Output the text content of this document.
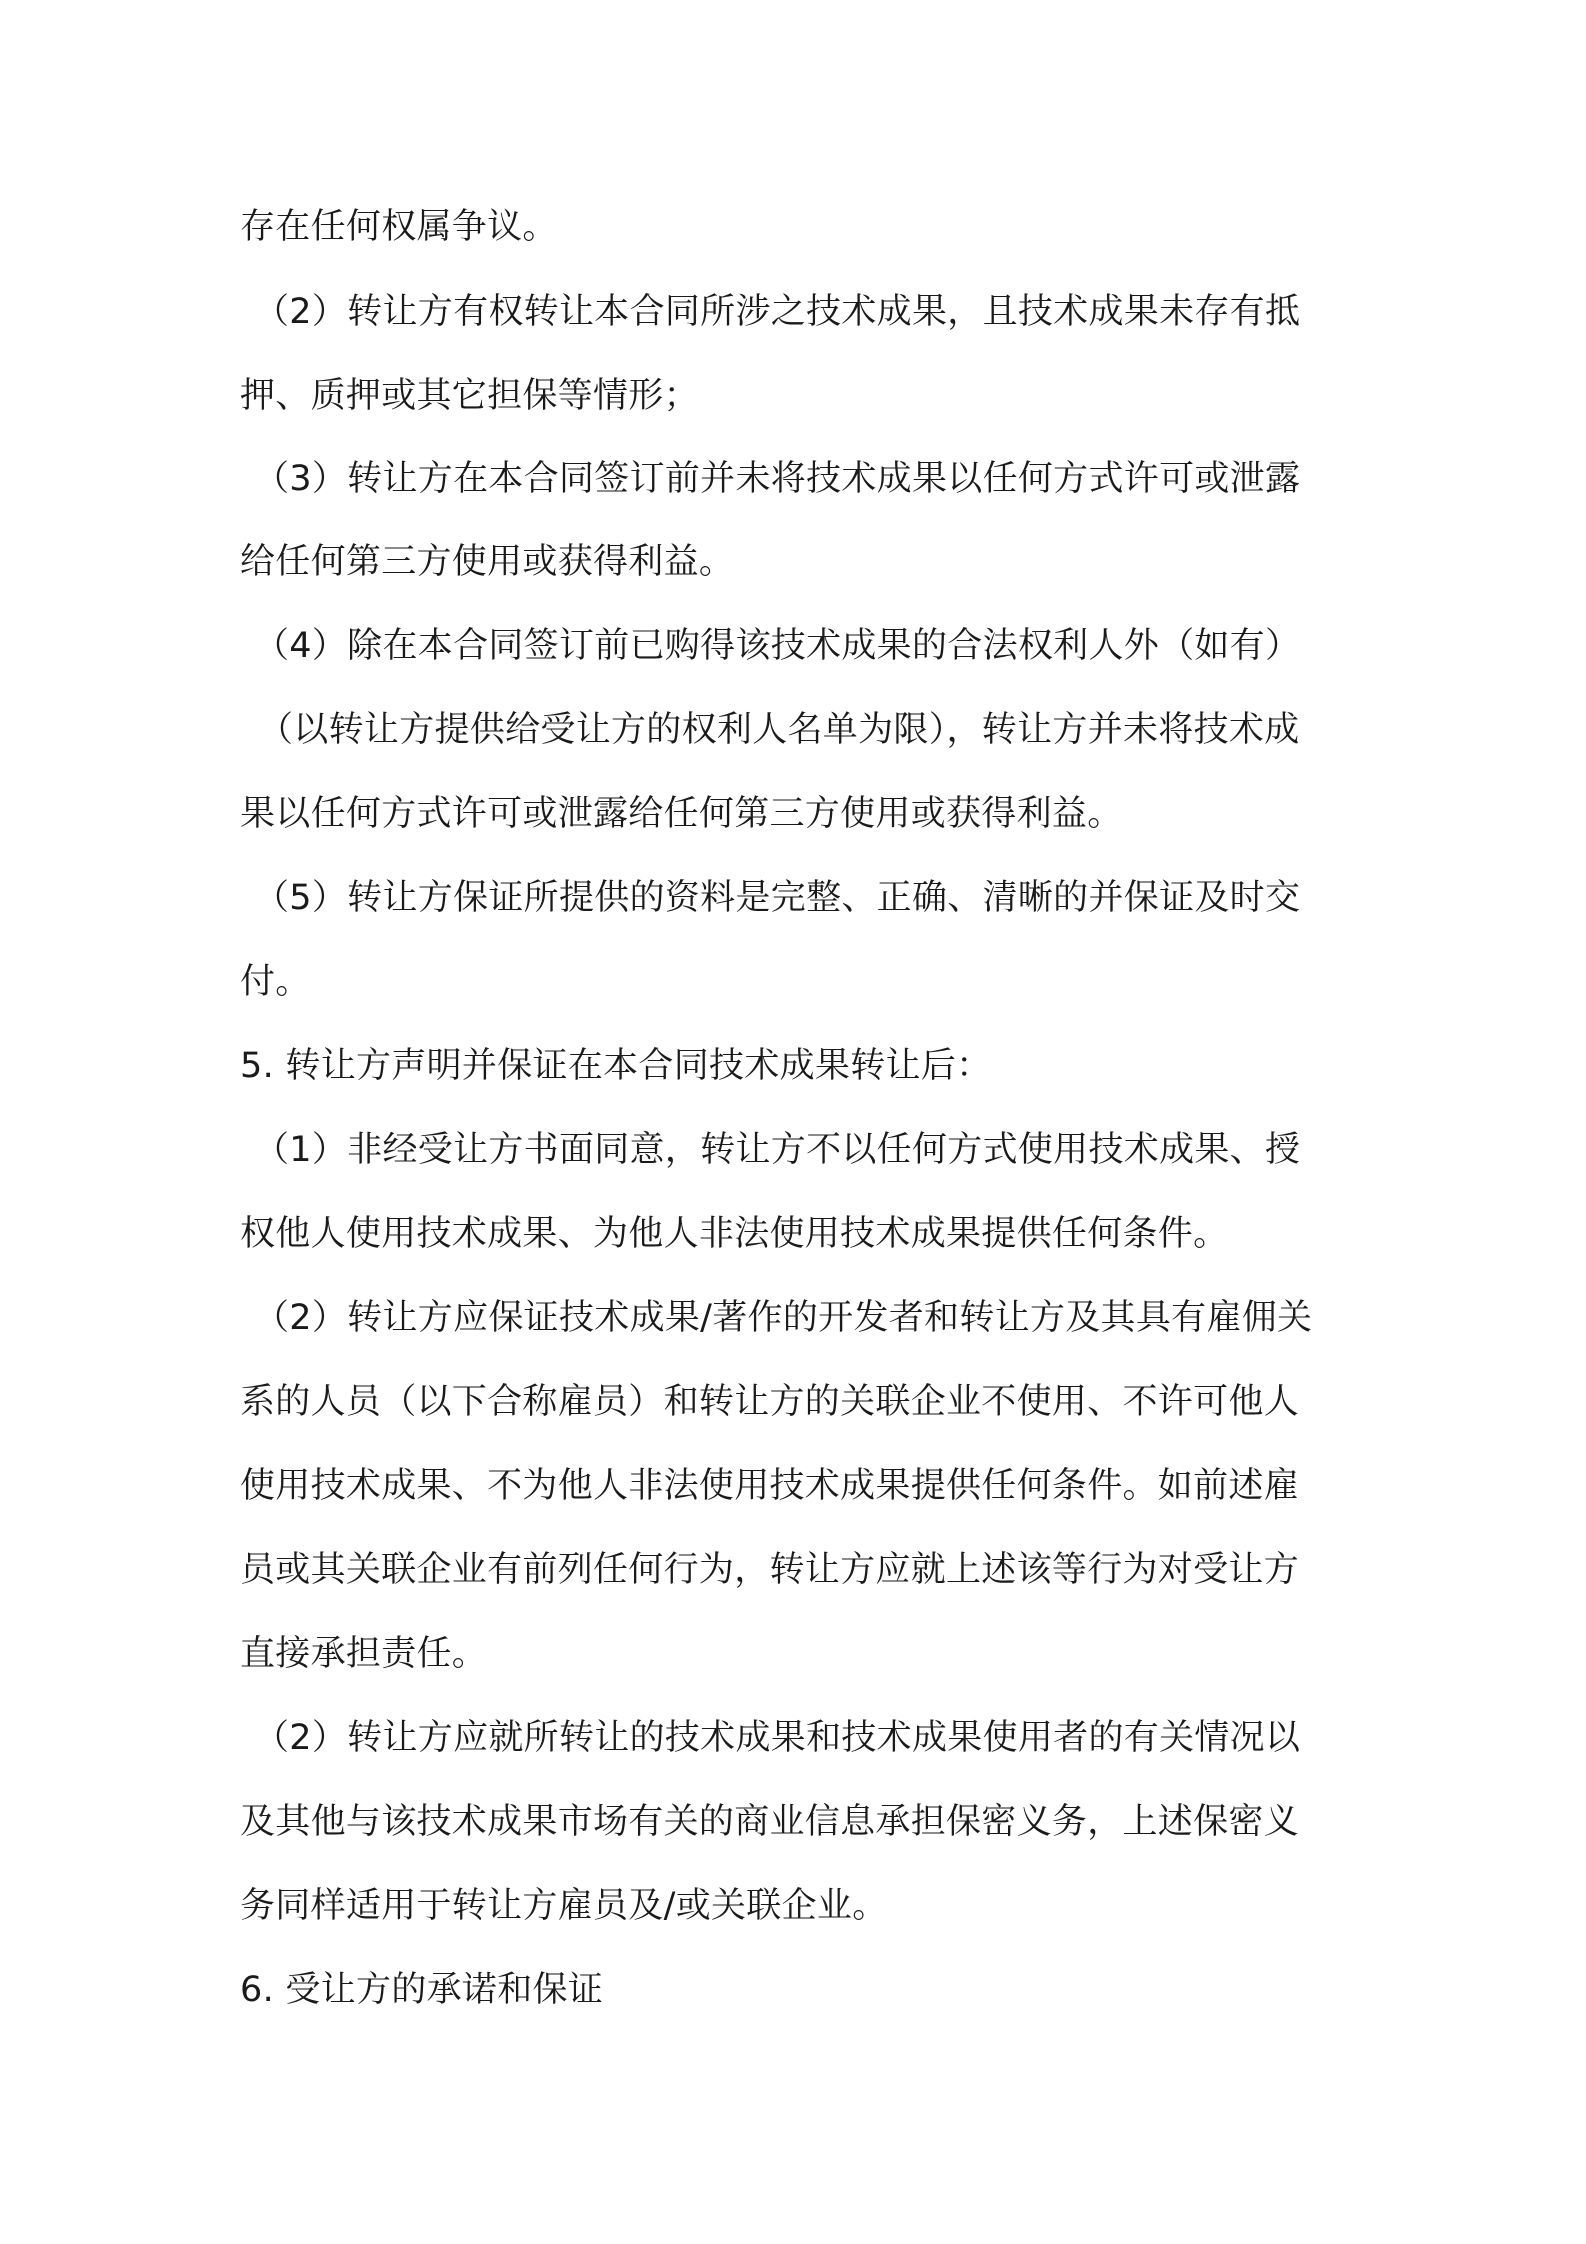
存在任何权属争议。
（2）转让方有权转让本合同所涉之技术成果，且技术成果未存有抵
押、质押或其它担保等情形；
（3）转让方在本合同签订前并未将技术成果以任何方式许可或泄露
给任何第三方使用或获得利益。
（4）除在本合同签订前已购得该技术成果的合法权利人外（如有）
（以转让方提供给受让方的权利人名单为限），转让方并未将技术成
果以任何方式许可或泄露给任何第三方使用或获得利益。
（5）转让方保证所提供的资料是完整、正确、清晰的并保证及时交
付。
5. 转让方声明并保证在本合同技术成果转让后：
（1）非经受让方书面同意，转让方不以任何方式使用技术成果、授
权他人使用技术成果、为他人非法使用技术成果提供任何条件。
（2）转让方应保证技术成果/著作的开发者和转让方及其具有雇佣关
系的人员（以下合称雇员）和转让方的关联企业不使用、不许可他人
使用技术成果、不为他人非法使用技术成果提供任何条件。如前述雇
员或其关联企业有前列任何行为，转让方应就上述该等行为对受让方
直接承担责任。
（2）转让方应就所转让的技术成果和技术成果使用者的有关情况以
及其他与该技术成果市场有关的商业信息承担保密义务，上述保密义
务同样适用于转让方雇员及/或关联企业。
6. 受让方的承诺和保证
